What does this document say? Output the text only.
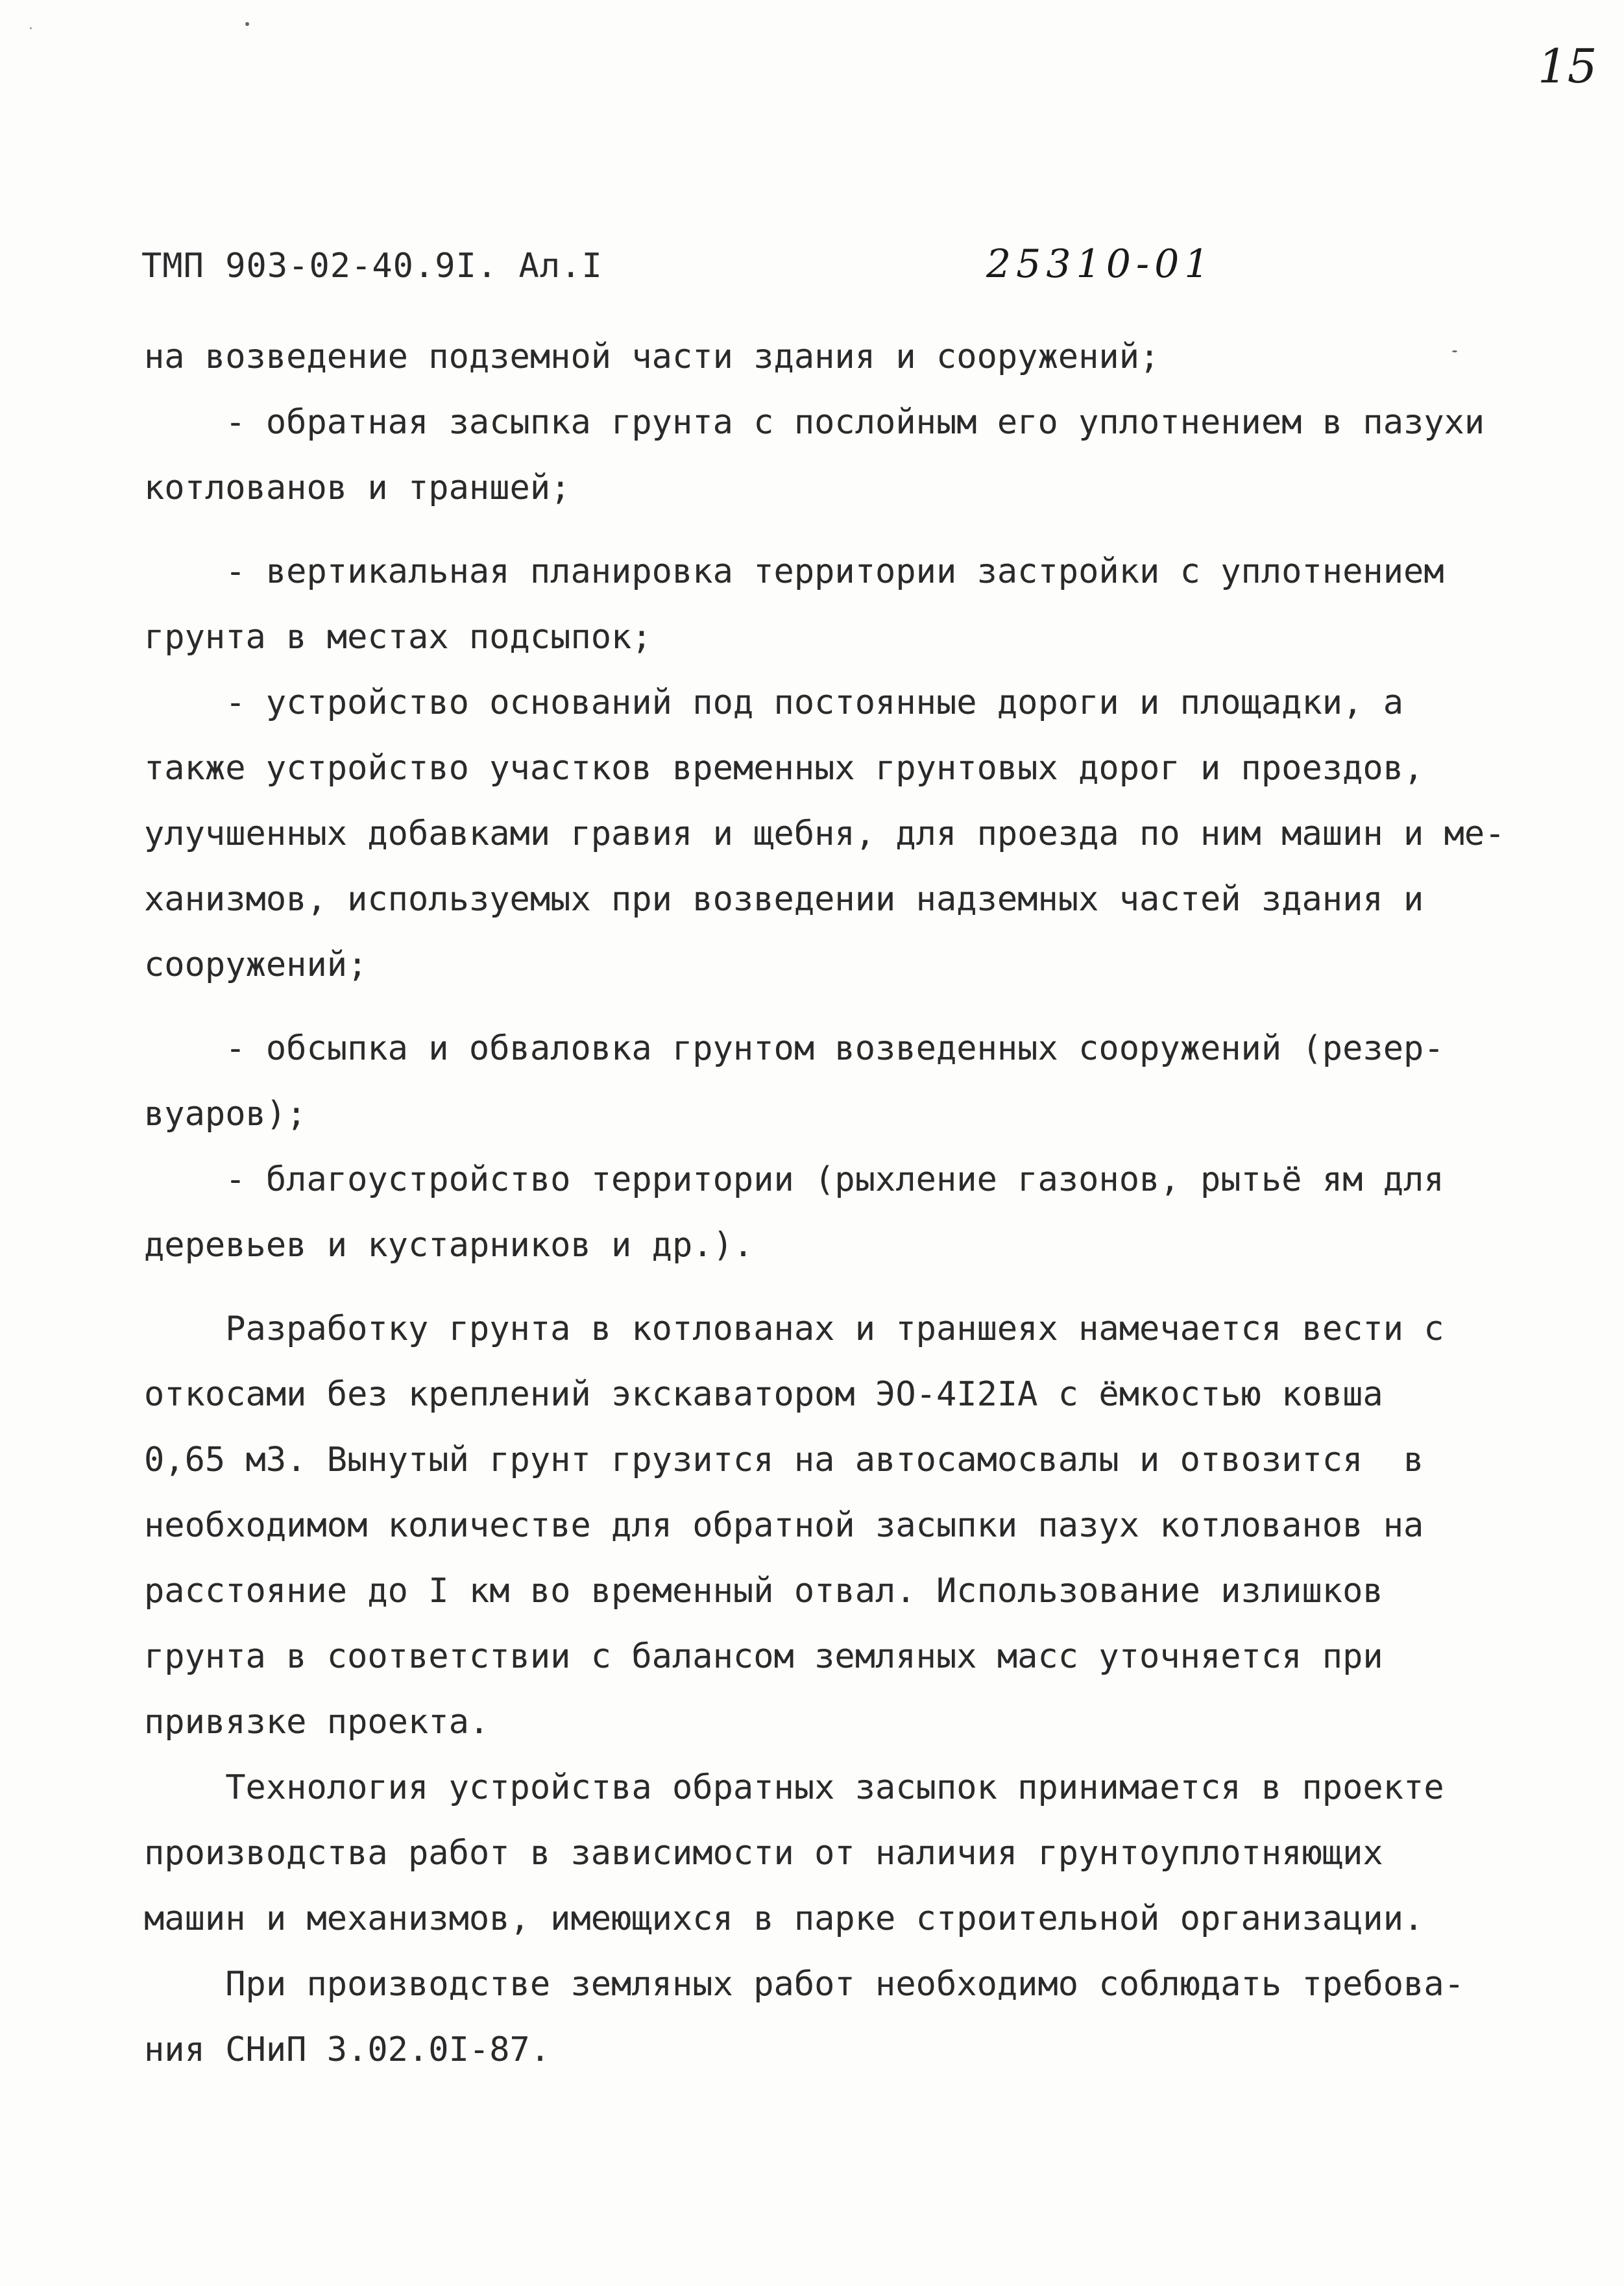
15
ТМП 903-02-40.9I. Ал.I	25310-01
на возведение подземной части здания и сооружений;
- обратная засыпка грунта с послойным его уплотнением в пазухи
котлованов и траншей;
- вертикальная планировка территории застройки с уплотнением
грунта в местах подсыпок;
- устройство оснований под постоянные дороги и площадки, а
также устройство участков временных грунтовых дорог и проездов,
улучшенных добавками гравия и щебня, для проезда по ним машин и ме-
ханизмов, используемых при возведении надземных частей здания и
сооружений;
- обсыпка и обваловка грунтом возведенных сооружений (резер-
вуаров);
- благоустройство территории (рыхление газонов, рытьё ям для
деревьев и кустарников и др.).
Разработку грунта в котлованах и траншеях намечается вести с
откосами без креплений экскаватором ЭО-4I2IА с ёмкостью ковша
0,65 м3. Вынутый грунт грузится на автосамосвалы и отвозится  в
необходимом количестве для обратной засыпки пазух котлованов на
расстояние до I км во временный отвал. Использование излишков
грунта в соответствии с балансом земляных масс уточняется при
привязке проекта.
Технология устройства обратных засыпок принимается в проекте
производства работ в зависимости от наличия грунтоуплотняющих
машин и механизмов, имеющихся в парке строительной организации.
При производстве земляных работ необходимо соблюдать требова-
ния СНиП 3.02.0I-87.
